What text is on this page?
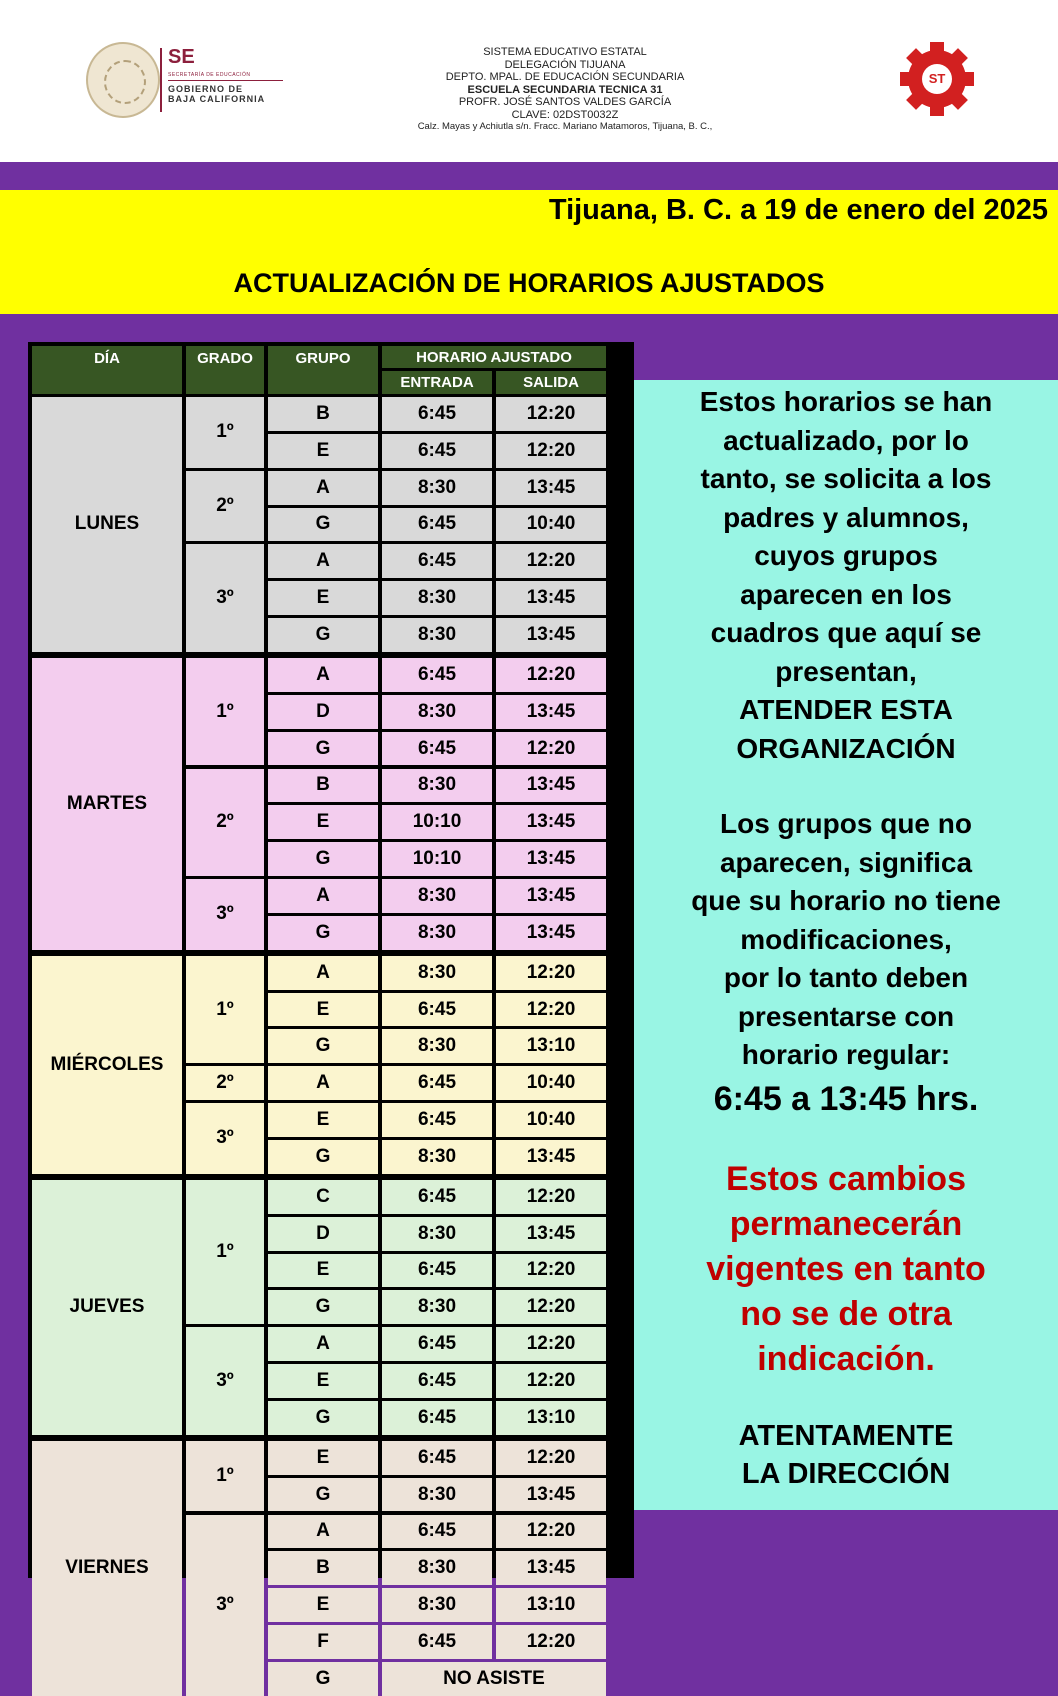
SE
SECRETARÍA DE EDUCACIÓN
GOBIERNO DE
BAJA CALIFORNIA
SISTEMA EDUCATIVO ESTATAL
DELEGACIÓN TIJUANA
DEPTO. MPAL. DE EDUCACIÓN SECUNDARIA
ESCUELA SECUNDARIA TECNICA 31
PROFR. JOSÉ SANTOS VALDES GARCÍA
CLAVE: 02DST0032Z
Calz. Mayas y Achiutla s/n. Fracc. Mariano Matamoros, Tijuana, B. C.,
ST
Tijuana, B. C. a 19 de enero del 2025
ACTUALIZACIÓN DE HORARIOS AJUSTADOS
DÍA	GRADO	GRUPO	HORARIO AJUSTADO
ENTRADA	SALIDA
B	6:45	12:20
E	6:45	12:20
1º
A	8:30	13:45
G	6:45	10:40
2º
A	6:45	12:20
E	8:30	13:45
G	8:30	13:45
3º
LUNES
A	6:45	12:20
D	8:30	13:45
G	6:45	12:20
1º
B	8:30	13:45
E	10:10	13:45
G	10:10	13:45
2º
A	8:30	13:45
G	8:30	13:45
3º
MARTES
A	8:30	12:20
E	6:45	12:20
G	8:30	13:10
1º
A	6:45	10:40
2º
E	6:45	10:40
G	8:30	13:45
3º
MIÉRCOLES
C	6:45	12:20
D	8:30	13:45
E	6:45	12:20
G	8:30	12:20
1º
A	6:45	12:20
E	6:45	12:20
G	6:45	13:10
3º
JUEVES
E	6:45	12:20
G	8:30	13:45
1º
A	6:45	12:20
B	8:30	13:45
E	8:30	13:10
F	6:45	12:20
G	NO ASISTE
3º
VIERNES
Estos horarios se han
actualizado, por lo
tanto, se solicita a los
padres y alumnos,
cuyos grupos
aparecen en los
cuadros que aquí se
presentan,
ATENDER ESTA
ORGANIZACIÓN
Los grupos que no
aparecen, significa
que su horario no tiene
modificaciones,
por lo tanto deben
presentarse con
horario regular:
6:45 a 13:45 hrs.
Estos cambios
permanecerán
vigentes en tanto
no se de otra
indicación.
ATENTAMENTE
LA DIRECCIÓN
